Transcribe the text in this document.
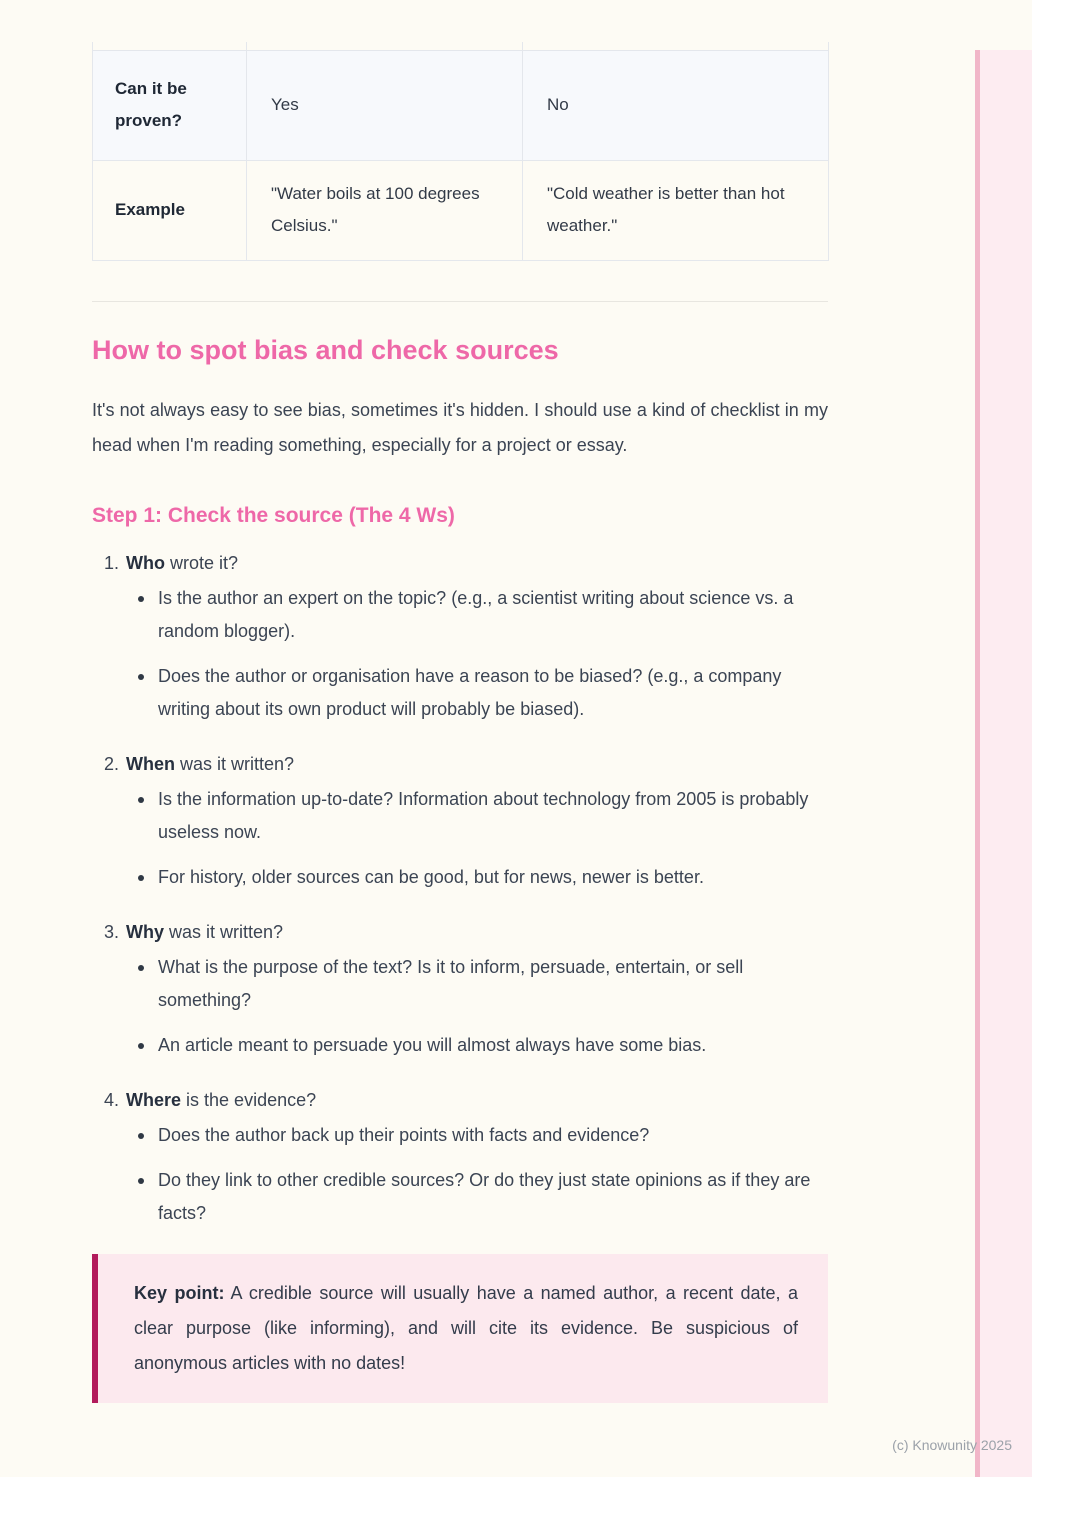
Can it be proven?	Yes	No
Example	"Water boils at 100 degrees Celsius."	"Cold weather is better than hot weather."
How to spot bias and check sources

It's not always easy to see bias, sometimes it's hidden. I should use a kind of checklist in my head when I'm reading something, especially for a project or essay.

Step 1: Check the source (The 4 Ws)
1. Who wrote it?
Is the author an expert on the topic? (e.g., a scientist writing about science vs. a random blogger).
Does the author or organisation have a reason to be biased? (e.g., a company writing about its own product will probably be biased).
2. When was it written?
Is the information up-to-date? Information about technology from 2005 is probably useless now.
For history, older sources can be good, but for news, newer is better.
3. Why was it written?
What is the purpose of the text? Is it to inform, persuade, entertain, or sell something?
An article meant to persuade you will almost always have some bias.
4. Where is the evidence?
Does the author back up their points with facts and evidence?
Do they link to other credible sources? Or do they just state opinions as if they are facts?
Key point: A credible source will usually have a named author, a recent date, a clear purpose (like informing), and will cite its evidence. Be suspicious of anonymous articles with no dates!
(c) Knowunity 2025
